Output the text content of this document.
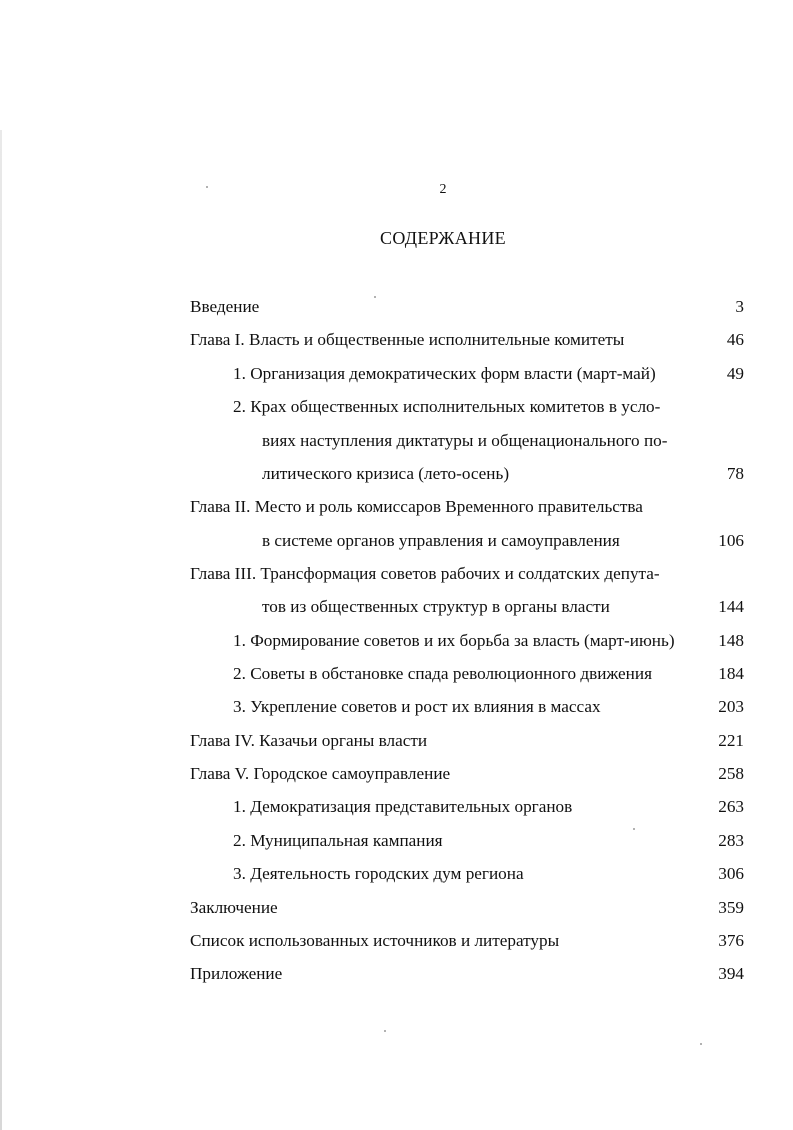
2
СОДЕРЖАНИЕ
Введение	3
Глава I. Власть и общественные исполнительные комитеты	46
1. Организация демократических форм власти (март-май)	49
2. Крах общественных исполнительных комитетов в усло-
виях наступления диктатуры и общенационального по-
литического кризиса (лето-осень)	78
Глава II. Место и роль комиссаров Временного правительства
в системе органов управления и самоуправления	106
Глава III. Трансформация советов рабочих и солдатских депута-
тов из общественных структур в органы власти	144
1. Формирование советов и их борьба за власть (март-июнь)	148
2. Советы в обстановке спада революционного движения	184
3. Укрепление советов и рост их влияния в массах	203
Глава IV. Казачьи органы власти	221
Глава V. Городское самоуправление	258
1. Демократизация представительных органов	263
2. Муниципальная кампания	283
3. Деятельность городских дум региона	306
Заключение	359
Список использованных источников и литературы	376
Приложение	394
